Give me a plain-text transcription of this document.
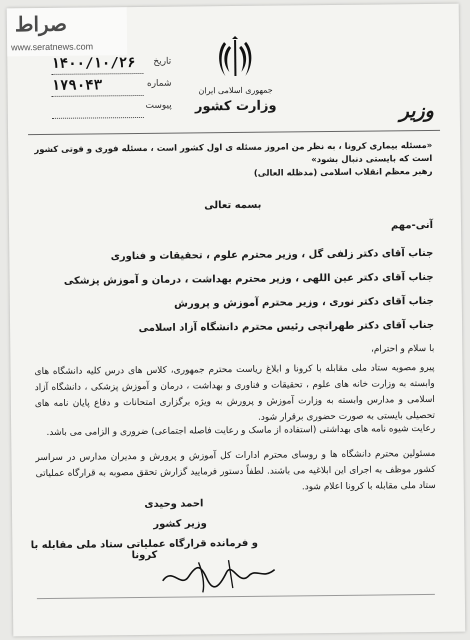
جمهوری اسلامی ایران
وزارت کشور
تاریخ
۱۴۰۰/۱۰/۲۶
شماره
۱۷۹۰۴۳
پیوست	وزیر
«مسئله بیماری کرونا ، به نظر من امروز مسئله ی اول کشور است ، مسئله فوری و فوتی کشور است که بایستی دنبال بشود»
رهبر معظم انقلاب اسلامی (مدظله العالی)
بسمه تعالی
آنی-مهم
جناب آقای دکتر زلفی گل ، وزیر محترم علوم ، تحقیقات و فناوری
جناب آقای دکتر عین اللهی ، وزیر محترم بهداشت ، درمان و آموزش پزشکی
جناب آقای دکتر نوری ، وزیر محترم آموزش و پرورش
جناب آقای دکتر طهرانچی رئیس محترم دانشگاه آزاد اسلامی
با سلام و احترام،
پیرو مصوبه ستاد ملی مقابله با کرونا و ابلاغ ریاست محترم جمهوری، کلاس های درس کلیه دانشگاه های وابسته به وزارت خانه های علوم ، تحقیقات و فناوری و بهداشت ، درمان و آموزش پزشکی ، دانشگاه آزاد اسلامی و مدارس وابسته به وزارت آموزش و پرورش به ویژه برگزاری امتحانات و دفاع پایان نامه های تحصیلی بایستی به صورت حضوری برقرار شود.
رعایت شیوه نامه های بهداشتی (استفاده از ماسک و رعایت فاصله اجتماعی) ضروری و الزامی می باشد.
مسئولین محترم دانشگاه ها و روسای محترم ادارات کل آموزش و پرورش و مدیران مدارس در سراسر کشور موظف به اجرای این ابلاغیه می باشند. لطفاً دستور فرمایید گزارش تحقق مصوبه به قرارگاه عملیاتی ستاد ملی مقابله با کرونا اعلام شود.
احمد وحیدی
وزیر کشور
و فرمانده قرارگاه عملیاتی ستاد ملی مقابله با کرونا
صراط
www.seratnews.com
